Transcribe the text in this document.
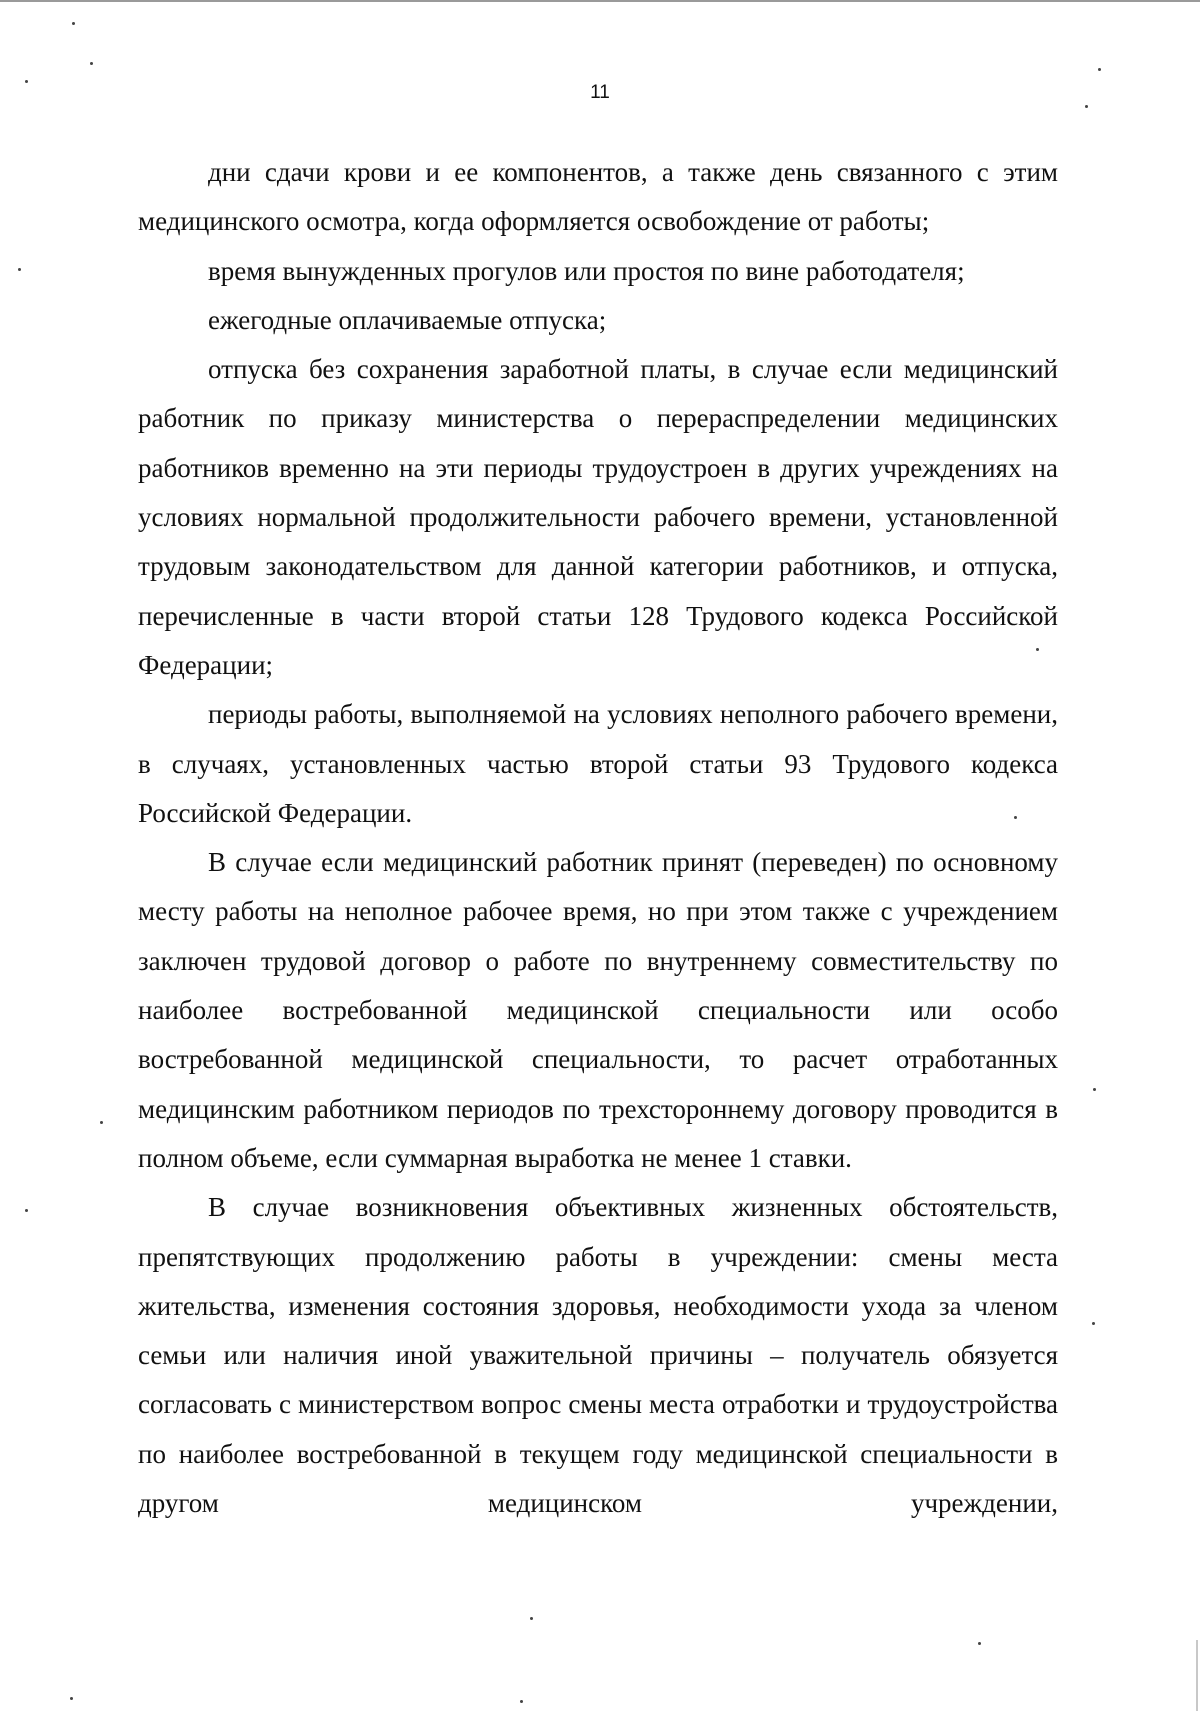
11

дни сдачи крови и ее компонентов, а также день связанного с этим медицинского осмотра, когда оформляется освобождение от работы;

время вынужденных прогулов или простоя по вине работодателя;

ежегодные оплачиваемые отпуска;

отпуска без сохранения заработной платы, в случае если медицинский работник по приказу министерства о перераспределении медицинских работников временно на эти периоды трудоустроен в других учреждениях на условиях нормальной продолжительности рабочего времени, установленной трудовым законодательством для данной категории работников, и отпуска, перечисленные в части второй статьи 128 Трудового кодекса Российской Федерации;

периоды работы, выполняемой на условиях неполного рабочего времени, в случаях, установленных частью второй статьи 93 Трудового кодекса Российской Федерации.

В случае если медицинский работник принят (переведен) по основному месту работы на неполное рабочее время, но при этом также с учреждением заключен трудовой договор о работе по внутреннему совместительству по наиболее востребованной медицинской специальности или особо востребованной медицинской специальности, то расчет отработанных медицинским работником периодов по трехстороннему договору проводится в полном объеме, если суммарная выработка не менее 1 ставки.

В случае возникновения объективных жизненных обстоятельств, препятствующих продолжению работы в учреждении: смены места жительства, изменения состояния здоровья, необходимости ухода за членом семьи или наличия иной уважительной причины – получатель обязуется согласовать с министерством вопрос смены места отработки и трудоустройства по наиболее востребованной в текущем году медицинской специальности в другом медицинском учреждении,
